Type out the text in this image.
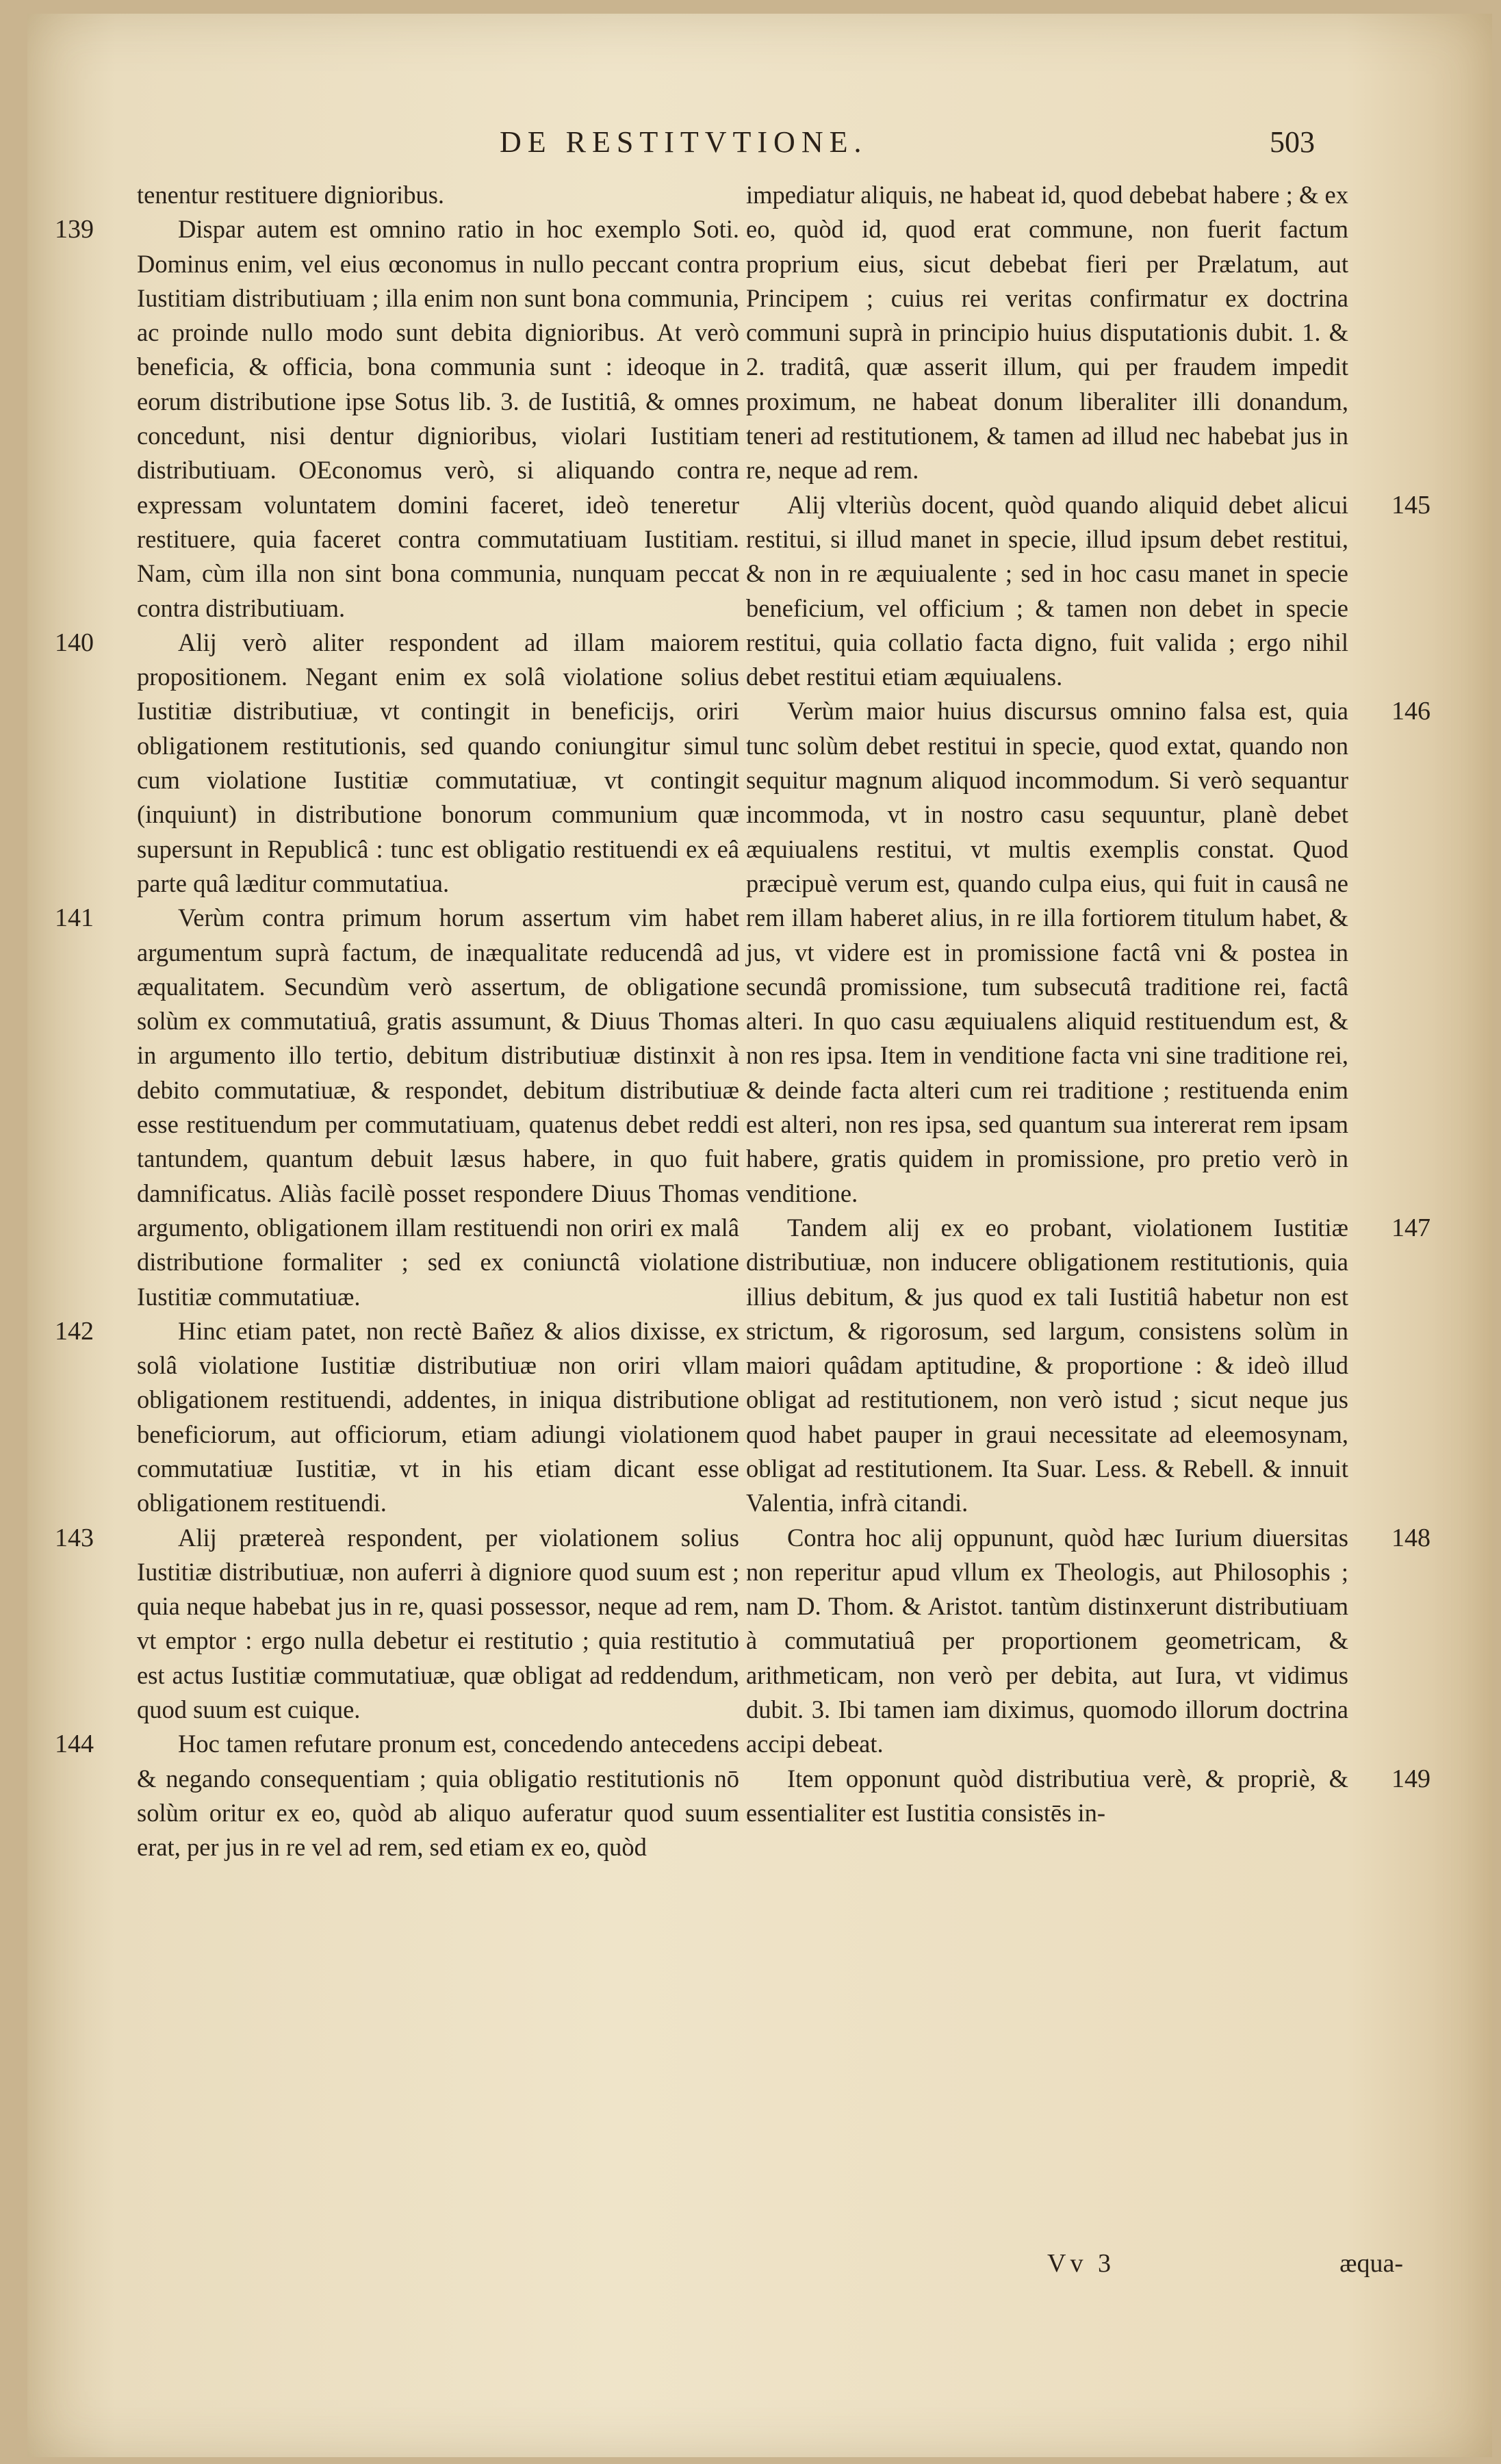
DE RESTITVTIONE.	503

tenentur restituere dignioribus.

139	Dispar autem est omnino ratio in hoc exemplo Soti. Dominus enim, vel eius œconomus in nullo peccant contra Iustitiam distributiuam ; illa enim non sunt bona communia, ac proinde nullo modo sunt debita dignioribus. At verò beneficia, & officia, bona communia sunt : ideoque in eorum distributione ipse Sotus lib. 3. de Iustitiâ, & omnes concedunt, nisi dentur dignioribus, violari Iustitiam distributiuam. OEconomus verò, si aliquando contra expressam voluntatem domini faceret, ideò teneretur restituere, quia faceret contra commutatiuam Iustitiam. Nam, cùm illa non sint bona communia, nunquam peccat contra distributiuam.

140	Alij verò aliter respondent ad illam maiorem propositionem. Negant enim ex solâ violatione solius Iustitiæ distributiuæ, vt contingit in beneficijs, oriri obligationem restitutionis, sed quando coniungitur simul cum violatione Iustitiæ commutatiuæ, vt contingit (inquiunt) in distributione bonorum communium quæ supersunt in Republicâ : tunc est obligatio restituendi ex eâ parte quâ læditur commutatiua.

141	Verùm contra primum horum assertum vim habet argumentum suprà factum, de inæqualitate reducendâ ad æqualitatem. Secundùm verò assertum, de obligatione solùm ex commutatiuâ, gratis assumunt, & Diuus Thomas in argumento illo tertio, debitum distributiuæ distinxit à debito commutatiuæ, & respondet, debitum distributiuæ esse restituendum per commutatiuam, quatenus debet reddi tantundem, quantum debuit læsus habere, in quo fuit damnificatus. Aliàs facilè posset respondere Diuus Thomas argumento, obligationem illam restituendi non oriri ex malâ distributione formaliter ; sed ex coniunctâ violatione Iustitiæ commutatiuæ.

142	Hinc etiam patet, non rectè Bañez & alios dixisse, ex solâ violatione Iustitiæ distributiuæ non oriri vllam obligationem restituendi, addentes, in iniqua distributione beneficiorum, aut officiorum, etiam adiungi violationem commutatiuæ Iustitiæ, vt in his etiam dicant esse obligationem restituendi.

143	Alij prætereà respondent, per violationem solius Iustitiæ distributiuæ, non auferri à digniore quod suum est ; quia neque habebat jus in re, quasi possessor, neque ad rem, vt emptor : ergo nulla debetur ei restitutio ; quia restitutio est actus Iustitiæ commutatiuæ, quæ obligat ad reddendum, quod suum est cuique.

144	Hoc tamen refutare pronum est, concedendo antecedens & negando consequentiam ; quia obligatio restitutionis nō solùm oritur ex eo, quòd ab aliquo auferatur quod suum erat, per jus in re vel ad rem, sed etiam ex eo, quòd

impediatur aliquis, ne habeat id, quod debebat habere ; & ex eo, quòd id, quod erat commune, non fuerit factum proprium eius, sicut debebat fieri per Prælatum, aut Principem ; cuius rei veritas confirmatur ex doctrina communi suprà in principio huius disputationis dubit. 1. & 2. traditâ, quæ asserit illum, qui per fraudem impedit proximum, ne habeat donum liberaliter illi donandum, teneri ad restitutionem, & tamen ad illud nec habebat jus in re, neque ad rem.

145
Alij vlteriùs docent, quòd quando aliquid debet alicui restitui, si illud manet in specie, illud ipsum debet restitui, & non in re æquiualente ; sed in hoc casu manet in specie beneficium, vel officium ; & tamen non debet in specie restitui, quia collatio facta digno, fuit valida ; ergo nihil debet restitui etiam æquiualens.

146
Verùm maior huius discursus omnino falsa est, quia tunc solùm debet restitui in specie, quod extat, quando non sequitur magnum aliquod incommodum. Si verò sequantur incommoda, vt in nostro casu sequuntur, planè debet æquiualens restitui, vt multis exemplis constat. Quod præcipuè verum est, quando culpa eius, qui fuit in causâ ne rem illam haberet alius, in re illa fortiorem titulum habet, & jus, vt videre est in promissione factâ vni & postea in secundâ promissione, tum subsecutâ traditione rei, factâ alteri. In quo casu æquiualens aliquid restituendum est, & non res ipsa. Item in venditione facta vni sine traditione rei, & deinde facta alteri cum rei traditione ; restituenda enim est alteri, non res ipsa, sed quantum sua intererat rem ipsam habere, gratis quidem in promissione, pro pretio verò in venditione.

147
Tandem alij ex eo probant, violationem Iustitiæ distributiuæ, non inducere obligationem restitutionis, quia illius debitum, & jus quod ex tali Iustitiâ habetur non est strictum, & rigorosum, sed largum, consistens solùm in maiori quâdam aptitudine, & proportione : & ideò illud obligat ad restitutionem, non verò istud ; sicut neque jus quod habet pauper in graui necessitate ad eleemosynam, obligat ad restitutionem. Ita Suar. Less. & Rebell. & innuit Valentia, infrà citandi.

148
Contra hoc alij oppununt, quòd hæc Iurium diuersitas non reperitur apud vllum ex Theologis, aut Philosophis ; nam D. Thom. & Aristot. tantùm distinxerunt distributiuam à commutatiuâ per proportionem geometricam, & arithmeticam, non verò per debita, aut Iura, vt vidimus dubit. 3. Ibi tamen iam diximus, quomodo illorum doctrina accipi debeat.

149
Item opponunt quòd distributiua verè, & propriè, & essentialiter est Iustitia consistēs in-

Vv 3	æqua-
